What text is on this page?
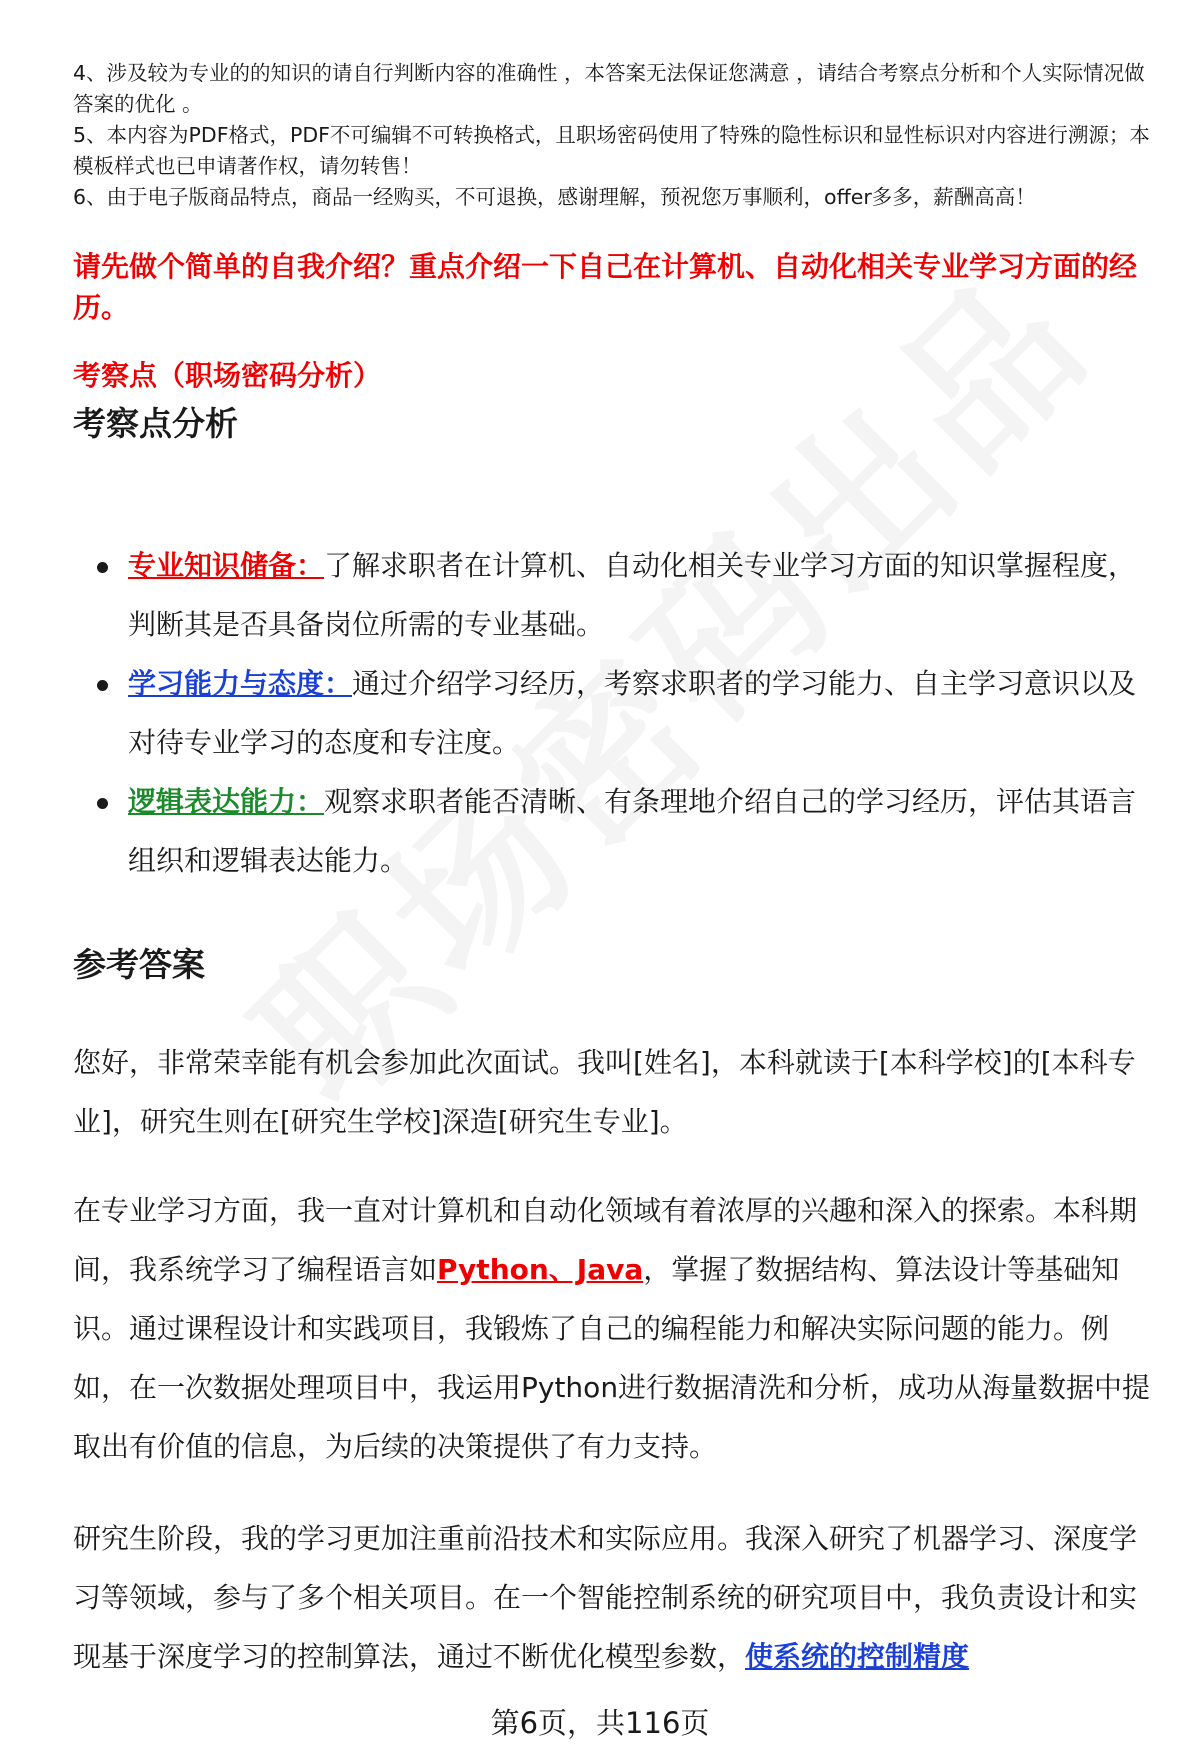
4、涉及较为专业的的知识的请自行判断内容的准确性 ，本答案无法保证您满意 ，请结合考察点分析和个人实际情况做答案的优化 。

5、本内容为PDF格式，PDF不可编辑不可转换格式，且职场密码使用了特殊的隐性标识和显性标识对内容进行溯源；本模板样式也已申请著作权，请勿转售！

6、由于电子版商品特点，商品一经购买，不可退换，感谢理解，预祝您万事顺利，offer多多，薪酬高高！

请先做个简单的自我介绍？重点介绍一下自己在计算机、自动化相关专业学习方面的经历。

考察点（职场密码分析）

考察点分析
专业知识储备：了解求职者在计算机、自动化相关专业学习方面的知识掌握程度，判断其是否具备岗位所需的专业基础。
学习能力与态度：通过介绍学习经历，考察求职者的学习能力、自主学习意识以及对待专业学习的态度和专注度。
逻辑表达能力：观察求职者能否清晰、有条理地介绍自己的学习经历，评估其语言组织和逻辑表达能力。
参考答案

您好，非常荣幸能有机会参加此次面试。我叫[姓名]，本科就读于[本科学校]的[本科专业]，研究生则在[研究生学校]深造[研究生专业]。

在专业学习方面，我一直对计算机和自动化领域有着浓厚的兴趣和深入的探索。本科期间，我系统学习了编程语言如Python、Java，掌握了数据结构、算法设计等基础知识。通过课程设计和实践项目，我锻炼了自己的编程能力和解决实际问题的能力。例如，在一次数据处理项目中，我运用Python进行数据清洗和分析，成功从海量数据中提取出有价值的信息，为后续的决策提供了有力支持。

研究生阶段，我的学习更加注重前沿技术和实际应用。我深入研究了机器学习、深度学习等领域，参与了多个相关项目。在一个智能控制系统的研究项目中，我负责设计和实现基于深度学习的控制算法，通过不断优化模型参数，使系统的控制精度

第6页，共116页
